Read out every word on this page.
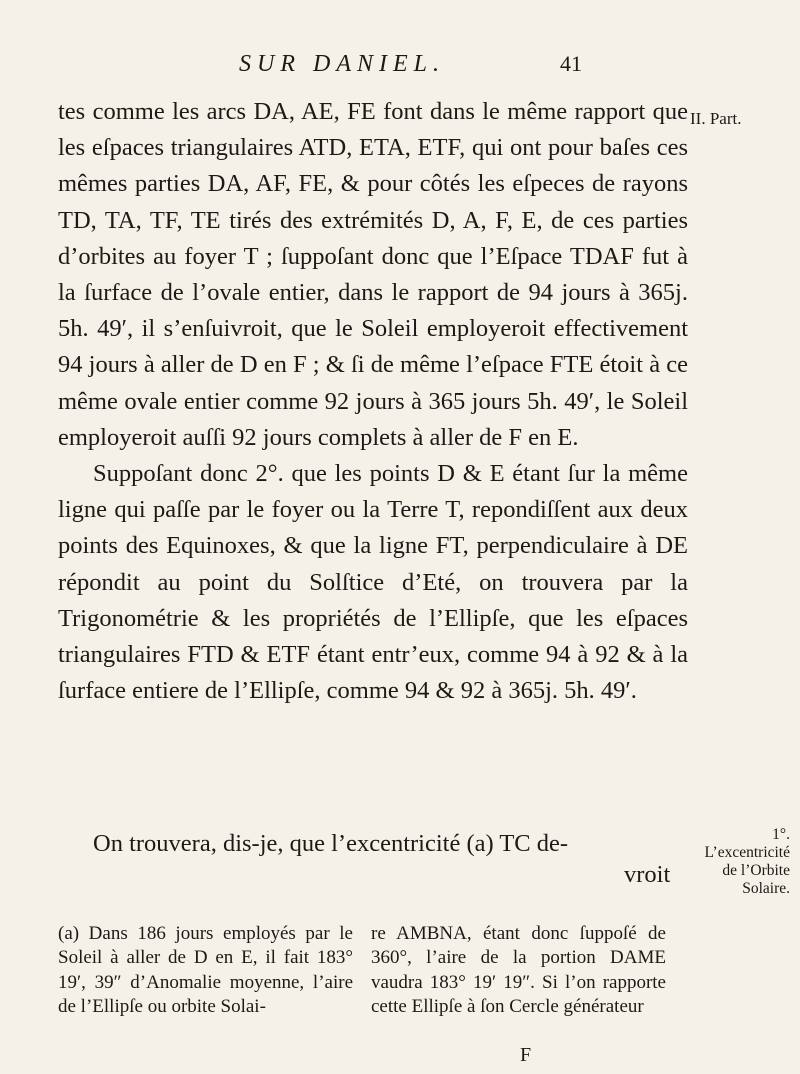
SUR DANIEL.	41
II. Part.

tes comme les arcs DA, AE, FE font dans le même rapport que les eſpaces triangulaires ATD, ETA, ETF, qui ont pour baſes ces mêmes parties DA, AF, FE, & pour côtés les eſpeces de rayons TD, TA, TF, TE tirés des extrémités D, A, F, E, de ces parties d’orbites au foyer T ; ſuppoſant donc que l’Eſpace TDAF fut à la ſurface de l’ovale entier, dans le rapport de 94 jours à 365j. 5h. 49′, il s’enſuivroit, que le Soleil employeroit effectivement 94 jours à aller de D en F ; & ſi de même l’eſpace FTE étoit à ce même ovale entier comme 92 jours à 365 jours 5h. 49′, le Soleil employeroit auſſi 92 jours complets à aller de F en E.

Suppoſant donc 2°. que les points D & E étant ſur la même ligne qui paſſe par le foyer ou la Terre T, repondiſſent aux deux points des Equinoxes, & que la ligne FT, perpendiculaire à DE répondit au point du Solſtice d’Eté, on trouvera par la Trigonométrie & les propriétés de l’Ellipſe, que les eſpaces triangulaires FTD & ETF étant entr’eux, comme 94 à 92 & à la ſurface entiere de l’Ellipſe, comme 94 & 92 à 365j. 5h. 49′.

On trouvera, dis-je, que l’excentricité (a) TC de-
vroit
1°. L’excentricité de l’Orbite Solaire.

(a) Dans 186 jours employés par le Soleil à aller de D en E, il fait 183° 19′, 39″ d’Anomalie moyenne, l’aire de l’Ellipſe ou orbite Solai-

re AMBNA, étant donc ſuppoſé de 360°, l’aire de la portion DAME vaudra 183° 19′ 19″. Si l’on rapporte cette Ellipſe à ſon Cercle générateur

F
